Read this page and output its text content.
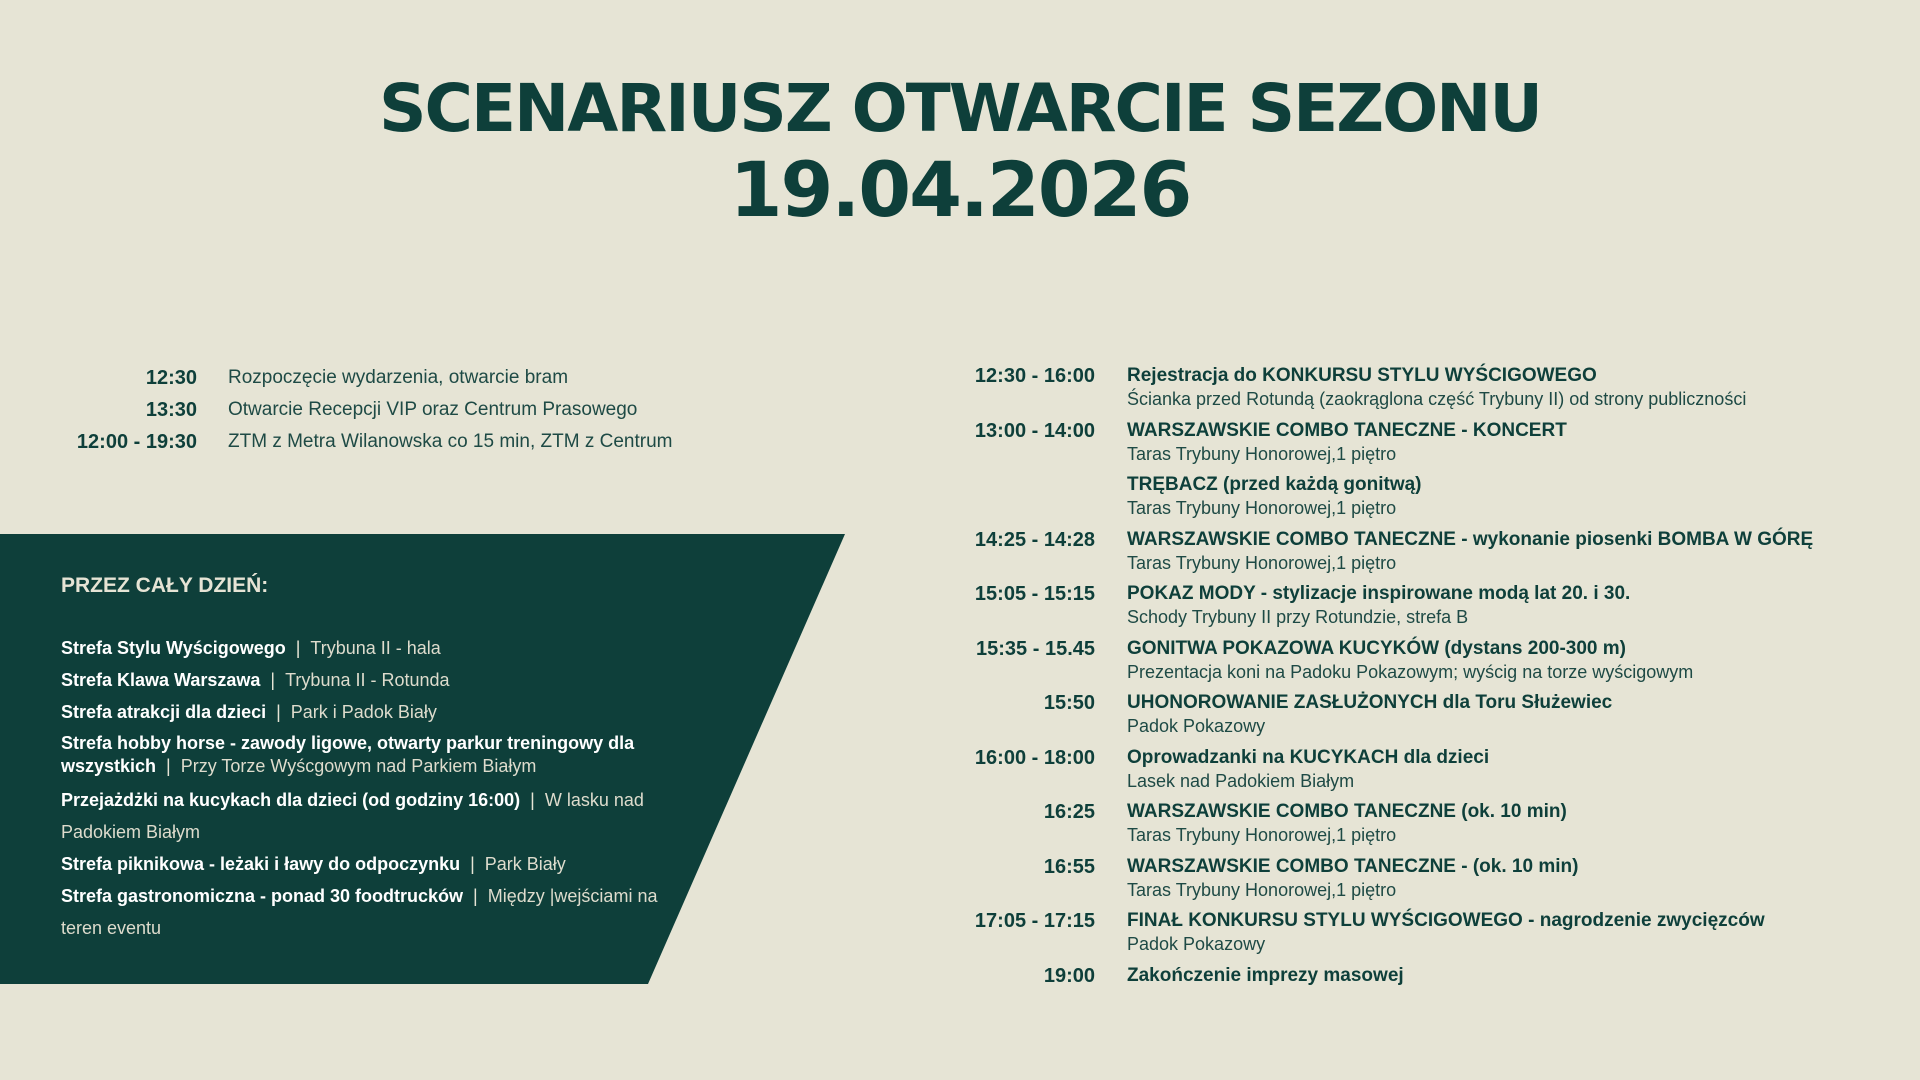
SCENARIUSZ OTWARCIE SEZONU
19.04.2026
12:30 Rozpoczęcie wydarzenia, otwarcie bram
13:30 Otwarcie Recepcji VIP oraz Centrum Prasowego
12:00 - 19:30 ZTM z Metra Wilanowska co 15 min, ZTM z Centrum
PRZEZ CAŁY DZIEŃ:
Strefa Stylu Wyścigowego | Trybuna II - hala
Strefa Klawa Warszawa | Trybuna II - Rotunda
Strefa atrakcji dla dzieci | Park i Padok Biały
Strefa hobby horse - zawody ligowe, otwarty parkur treningowy dla wszystkich | Przy Torze Wyścgowym nad Parkiem Białym
Przejażdżki na kucykach dla dzieci (od godziny 16:00) | W lasku nad Padokiem Białym
Strefa piknikowa - leżaki i ławy do odpoczynku | Park Biały
Strefa gastronomiczna - ponad 30 foodtrucków | Między |wejściami na teren eventu
12:30 - 16:00 Rejestracja do KONKURSU STYLU WYŚCIGOWEGO
Ścianka przed Rotundą (zaokrąglona część Trybuny II) od strony publiczności
13:00 - 14:00 WARSZAWSKIE COMBO TANECZNE - KONCERT
Taras Trybuny Honorowej,1 piętro
TRĘBACZ (przed każdą gonitwą)
Taras Trybuny Honorowej,1 piętro
14:25 - 14:28 WARSZAWSKIE COMBO TANECZNE - wykonanie piosenki BOMBA W GÓRĘ
Taras Trybuny Honorowej,1 piętro
15:05 - 15:15 POKAZ MODY - stylizacje inspirowane modą lat 20. i 30.
Schody Trybuny II przy Rotundzie, strefa B
15:35 - 15.45 GONITWA POKAZOWA KUCYKÓW (dystans 200-300 m)
Prezentacja koni na Padoku Pokazowym; wyścig na torze wyścigowym
15:50 UHONOROWANIE ZASŁUŻONYCH dla Toru Służewiec
Padok Pokazowy
16:00 - 18:00 Oprowadzanki na KUCYKACH dla dzieci
Lasek nad Padokiem Białym
16:25 WARSZAWSKIE COMBO TANECZNE (ok. 10 min)
Taras Trybuny Honorowej,1 piętro
16:55 WARSZAWSKIE COMBO TANECZNE - (ok. 10 min)
Taras Trybuny Honorowej,1 piętro
17:05 - 17:15 FINAŁ KONKURSU STYLU WYŚCIGOWEGO - nagrodzenie zwycięzców
Padok Pokazowy
19:00 Zakończenie imprezy masowej
